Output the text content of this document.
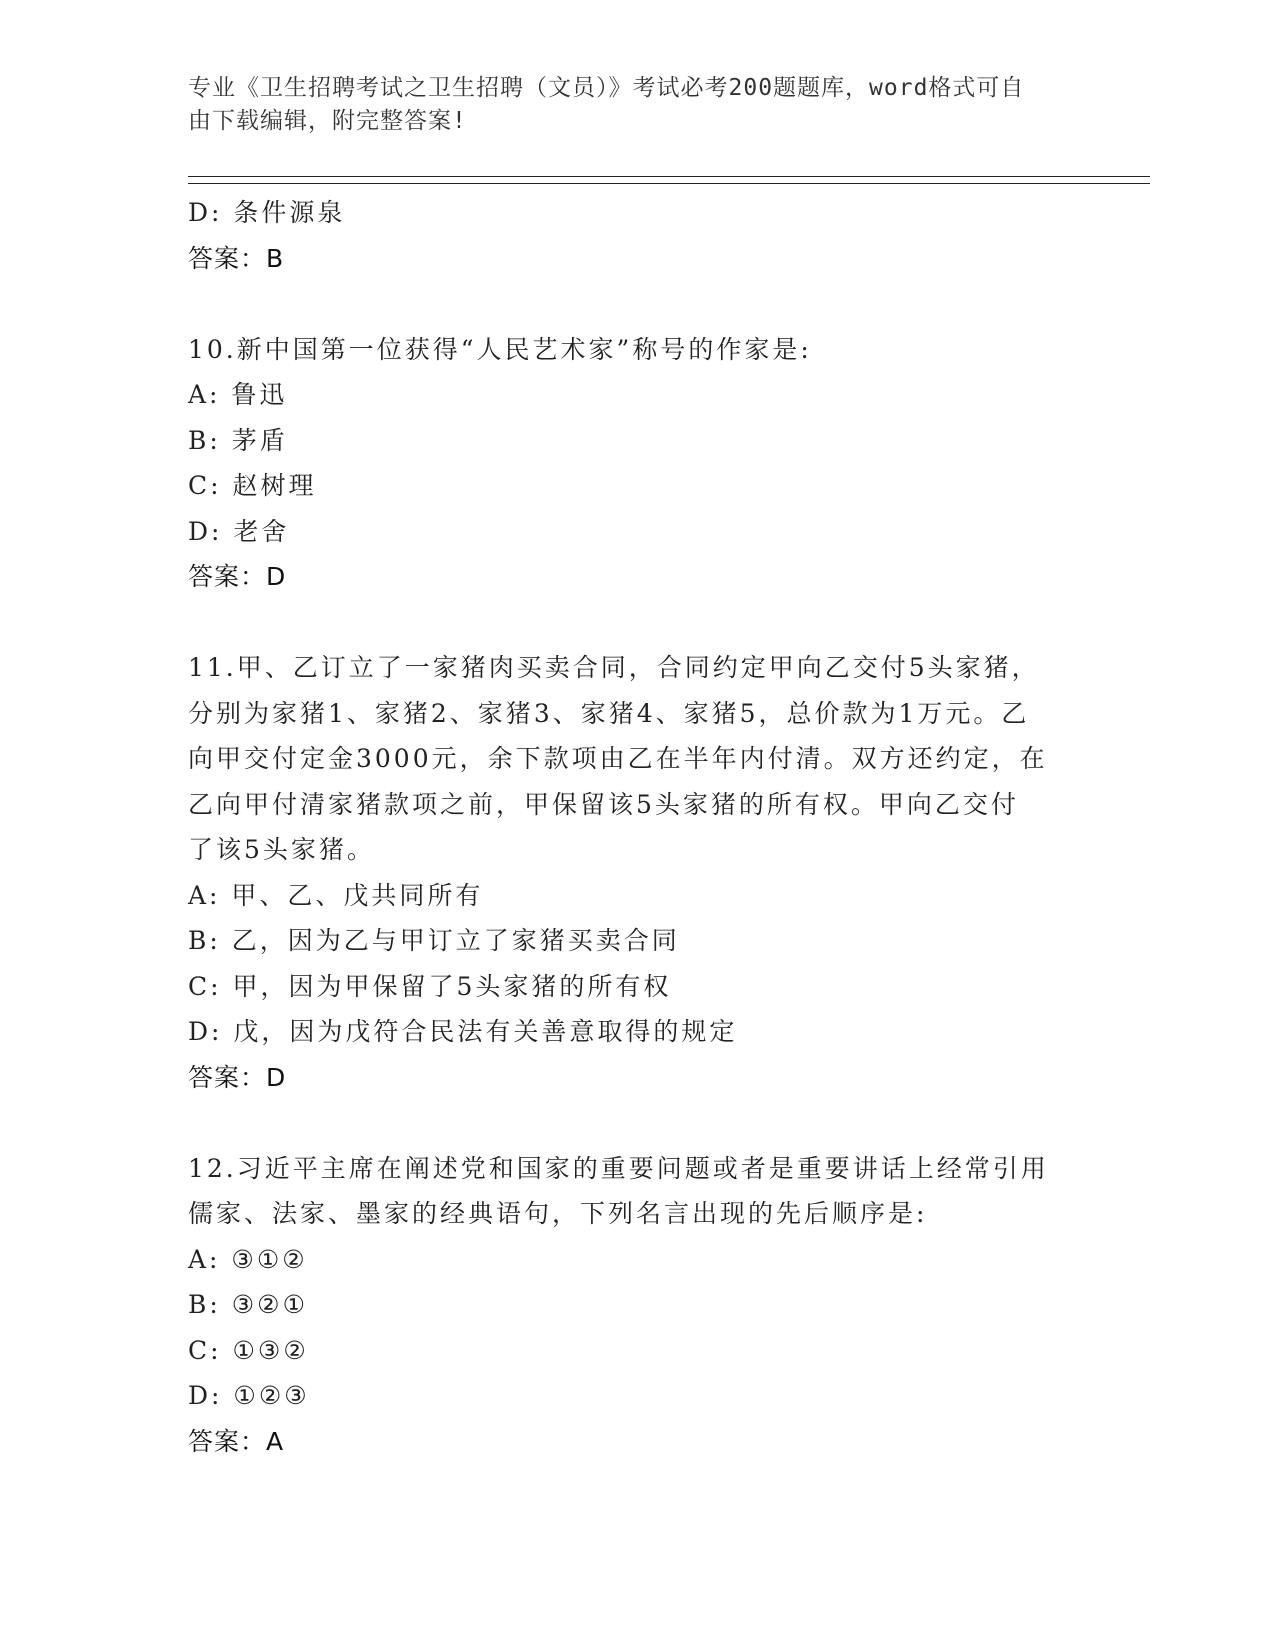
专业《卫生招聘考试之卫生招聘（文员）》考试必考200题题库，word格式可自
由下载编辑，附完整答案!
D: 条件源泉
答案：B
10.新中国第一位获得“人民艺术家”称号的作家是:
A: 鲁迅
B: 茅盾
C: 赵树理
D: 老舍
答案：D
11.甲、乙订立了一家猪肉买卖合同，合同约定甲向乙交付5头家猪，
分别为家猪1、家猪2、家猪3、家猪4、家猪5，总价款为1万元。乙
向甲交付定金3000元，余下款项由乙在半年内付清。双方还约定，在
乙向甲付清家猪款项之前，甲保留该5头家猪的所有权。甲向乙交付
了该5头家猪。
A: 甲、乙、戊共同所有
B: 乙，因为乙与甲订立了家猪买卖合同
C: 甲，因为甲保留了5头家猪的所有权
D: 戊，因为戊符合民法有关善意取得的规定
答案：D
12.习近平主席在阐述党和国家的重要问题或者是重要讲话上经常引用
儒家、法家、墨家的经典语句，下列名言出现的先后顺序是:
A: ③①②
B: ③②①
C: ①③②
D: ①②③
答案：A
